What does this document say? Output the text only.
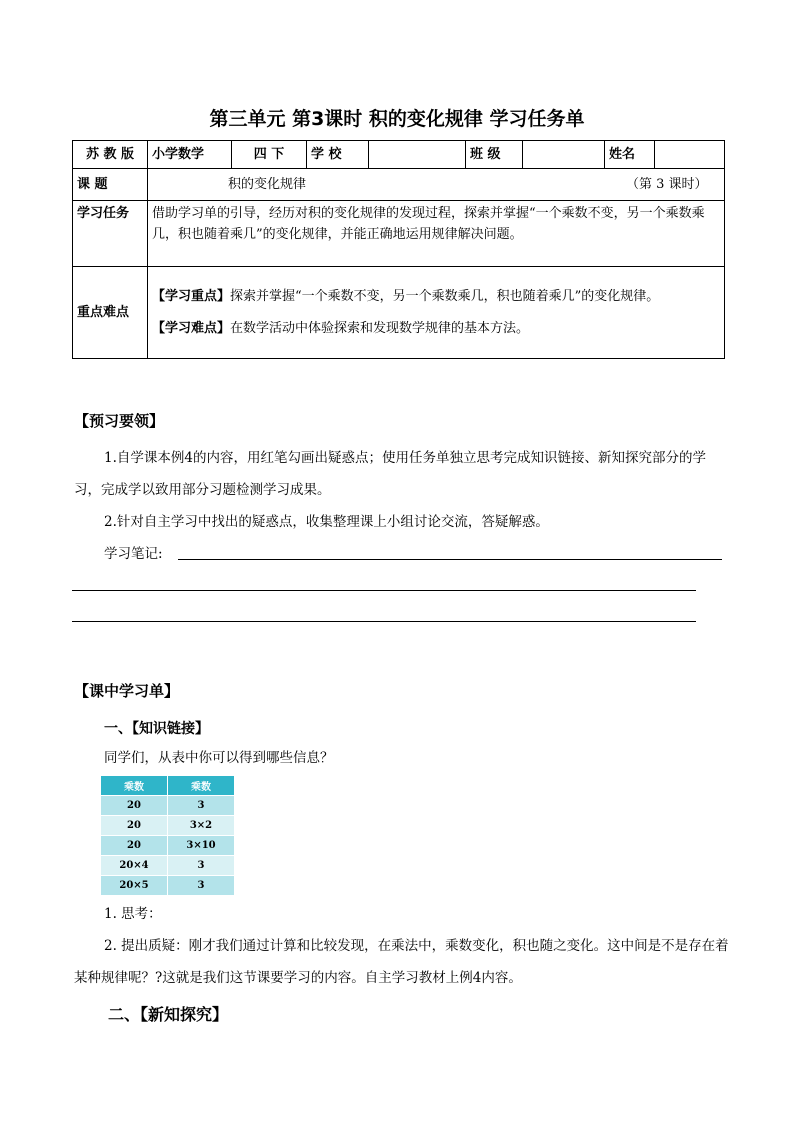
第三单元 第3课时 积的变化规律 学习任务单
苏 教 版	小学数学	四 下	学 校		班 级		姓名	
课 题	积的变化规律 （第 3 课时）							
学习任务	借助学习单的引导，经历对积的变化规律的发现过程，探索并掌握“一个乘数不变，另一个乘数乘几，积也随着乘几”的变化规律，并能正确地运用规律解决问题。							
重点难点	【学习重点】探索并掌握“一个乘数不变，另一个乘数乘几，积也随着乘几”的变化规律。
【学习难点】在数学活动中体验探索和发现数学规律的基本方法。							
【预习要领】
1.自学课本例4的内容，用红笔勾画出疑惑点；使用任务单独立思考完成知识链接、新知探究部分的学习，完成学以致用部分习题检测学习成果。
2.针对自主学习中找出的疑惑点，收集整理课上小组讨论交流，答疑解惑。
学习笔记:
【课中学习单】
一、【知识链接】
同学们，从表中你可以得到哪些信息？
乘数	乘数
20	3
20	3×2
20	3×10
20×4	3
20×5	3
1. 思考：
2. 提出质疑：刚才我们通过计算和比较发现，在乘法中，乘数变化，积也随之变化。这中间是不是存在着某种规律呢？?这就是我们这节课要学习的内容。自主学习教材上例4内容。
二、【新知探究】
